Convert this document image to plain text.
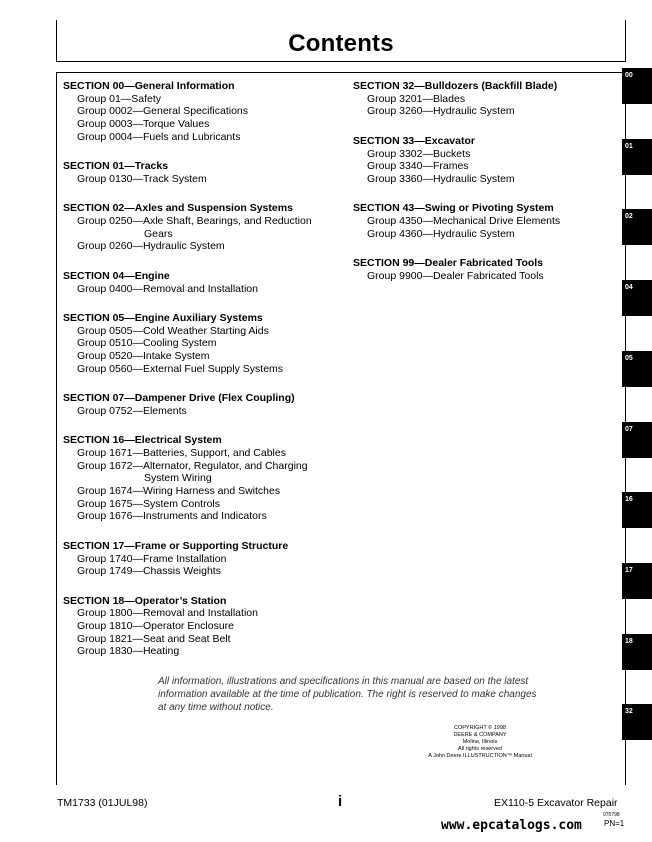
Contents
SECTION 00—General Information
Group 01—Safety
Group 0002—General Specifications
Group 0003—Torque Values
Group 0004—Fuels and Lubricants
SECTION 01—Tracks
Group 0130—Track System
SECTION 02—Axles and Suspension Systems
Group 0250—Axle Shaft, Bearings, and Reduction
Gears
Group 0260—Hydraulic System
SECTION 04—Engine
Group 0400—Removal and Installation
SECTION 05—Engine Auxiliary Systems
Group 0505—Cold Weather Starting Aids
Group 0510—Cooling System
Group 0520—Intake System
Group 0560—External Fuel Supply Systems
SECTION 07—Dampener Drive (Flex Coupling)
Group 0752—Elements
SECTION 16—Electrical System
Group 1671—Batteries, Support, and Cables
Group 1672—Alternator, Regulator, and Charging
System Wiring
Group 1674—Wiring Harness and Switches
Group 1675—System Controls
Group 1676—Instruments and Indicators
SECTION 17—Frame or Supporting Structure
Group 1740—Frame Installation
Group 1749—Chassis Weights
SECTION 18—Operator’s Station
Group 1800—Removal and Installation
Group 1810—Operator Enclosure
Group 1821—Seat and Seat Belt
Group 1830—Heating
SECTION 32—Bulldozers (Backfill Blade)
Group 3201—Blades
Group 3260—Hydraulic System
SECTION 33—Excavator
Group 3302—Buckets
Group 3340—Frames
Group 3360—Hydraulic System
SECTION 43—Swing or Pivoting System
Group 4350—Mechanical Drive Elements
Group 4360—Hydraulic System
SECTION 99—Dealer Fabricated Tools
Group 9900—Dealer Fabricated Tools
00
01
02
04
05
07
16
17
18
32
All information, illustrations and specifications in this manual are based on the latest information available at the time of publication. The right is reserved to make changes at any time without notice.
COPYRIGHT © 1998
DEERE & COMPANY
Moline, Illinois
All rights reserved
A John Deere ILLUSTRUCTION™ Manual
TM1733 (01JUL98)	i	EX110-5 Excavator Repair
070798
PN=1
www.epcatalogs.com
